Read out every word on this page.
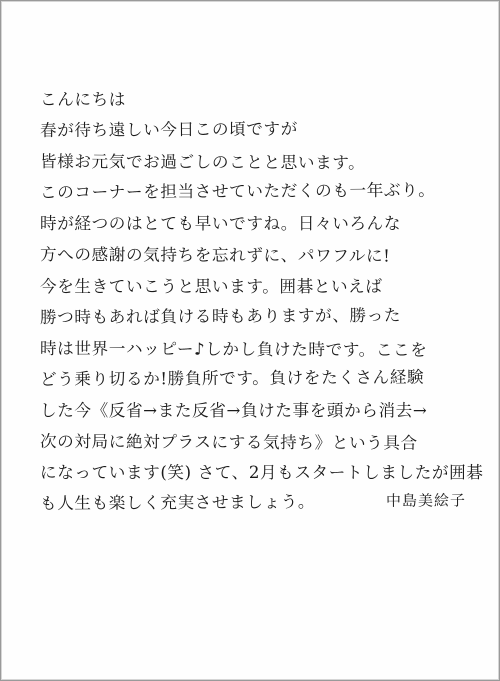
こんにちは
春が待ち遠しい今日この頃ですが
皆様お元気でお過ごしのことと思います。
このコーナーを担当させていただくのも一年ぶり。
時が経つのはとても早いですね。日々いろんな
方への感謝の気持ちを忘れずに、パワフルに!
今を生きていこうと思います。囲碁といえば
勝つ時もあれば負ける時もありますが、勝った
時は世界一ハッピー♪しかし負けた時です。ここを
どう乗り切るか!勝負所です。負けをたくさん経験
した今《反省→また反省→負けた事を頭から消去→
次の対局に絶対プラスにする気持ち》という具合
になっています(笑) さて、2月もスタートしましたが囲碁
も人生も楽しく充実させましょう。	中島美絵子
